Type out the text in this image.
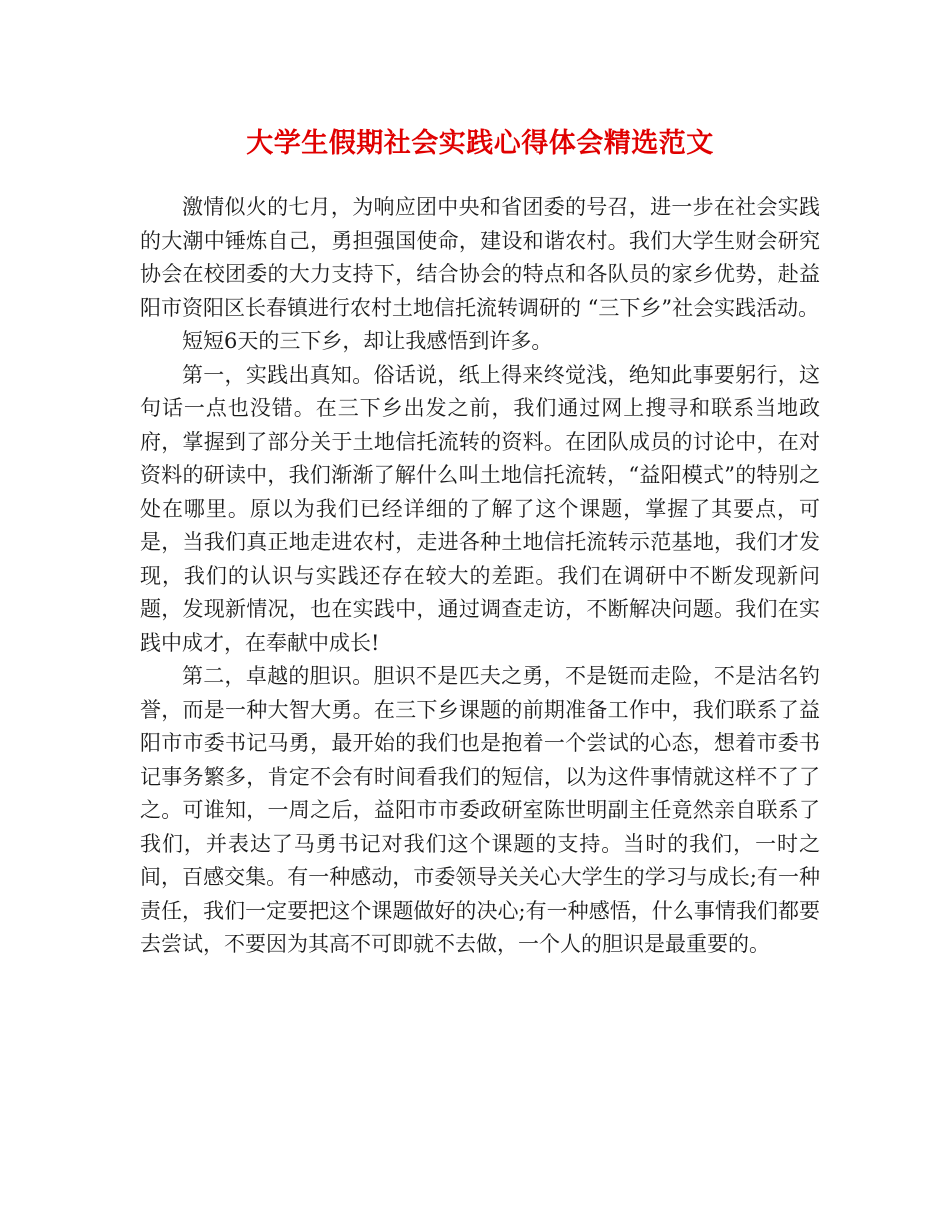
大学生假期社会实践心得体会精选范文

激情似火的七月，为响应团中央和省团委的号召，进一步在社会实践的大潮中锤炼自己，勇担强国使命，建设和谐农村。我们大学生财会研究协会在校团委的大力支持下，结合协会的特点和各队员的家乡优势，赴益阳市资阳区长春镇进行农村土地信托流转调研的 “三下乡”社会实践活动。

短短6天的三下乡，却让我感悟到许多。

第一，实践出真知。俗话说，纸上得来终觉浅，绝知此事要躬行，这句话一点也没错。在三下乡出发之前，我们通过网上搜寻和联系当地政府，掌握到了部分关于土地信托流转的资料。在团队成员的讨论中，在对资料的研读中，我们渐渐了解什么叫土地信托流转，“益阳模式”的特别之处在哪里。原以为我们已经详细的了解了这个课题，掌握了其要点，可是，当我们真正地走进农村，走进各种土地信托流转示范基地，我们才发现，我们的认识与实践还存在较大的差距。我们在调研中不断发现新问题，发现新情况，也在实践中，通过调查走访，不断解决问题。我们在实践中成才，在奉献中成长!

第二，卓越的胆识。胆识不是匹夫之勇，不是铤而走险，不是沽名钓誉，而是一种大智大勇。在三下乡课题的前期准备工作中，我们联系了益阳市市委书记马勇，最开始的我们也是抱着一个尝试的心态，想着市委书记事务繁多，肯定不会有时间看我们的短信，以为这件事情就这样不了了之。可谁知，一周之后，益阳市市委政研室陈世明副主任竟然亲自联系了我们，并表达了马勇书记对我们这个课题的支持。当时的我们，一时之间，百感交集。有一种感动，市委领导关关心大学生的学习与成长;有一种责任，我们一定要把这个课题做好的决心;有一种感悟，什么事情我们都要去尝试，不要因为其高不可即就不去做，一个人的胆识是最重要的。
